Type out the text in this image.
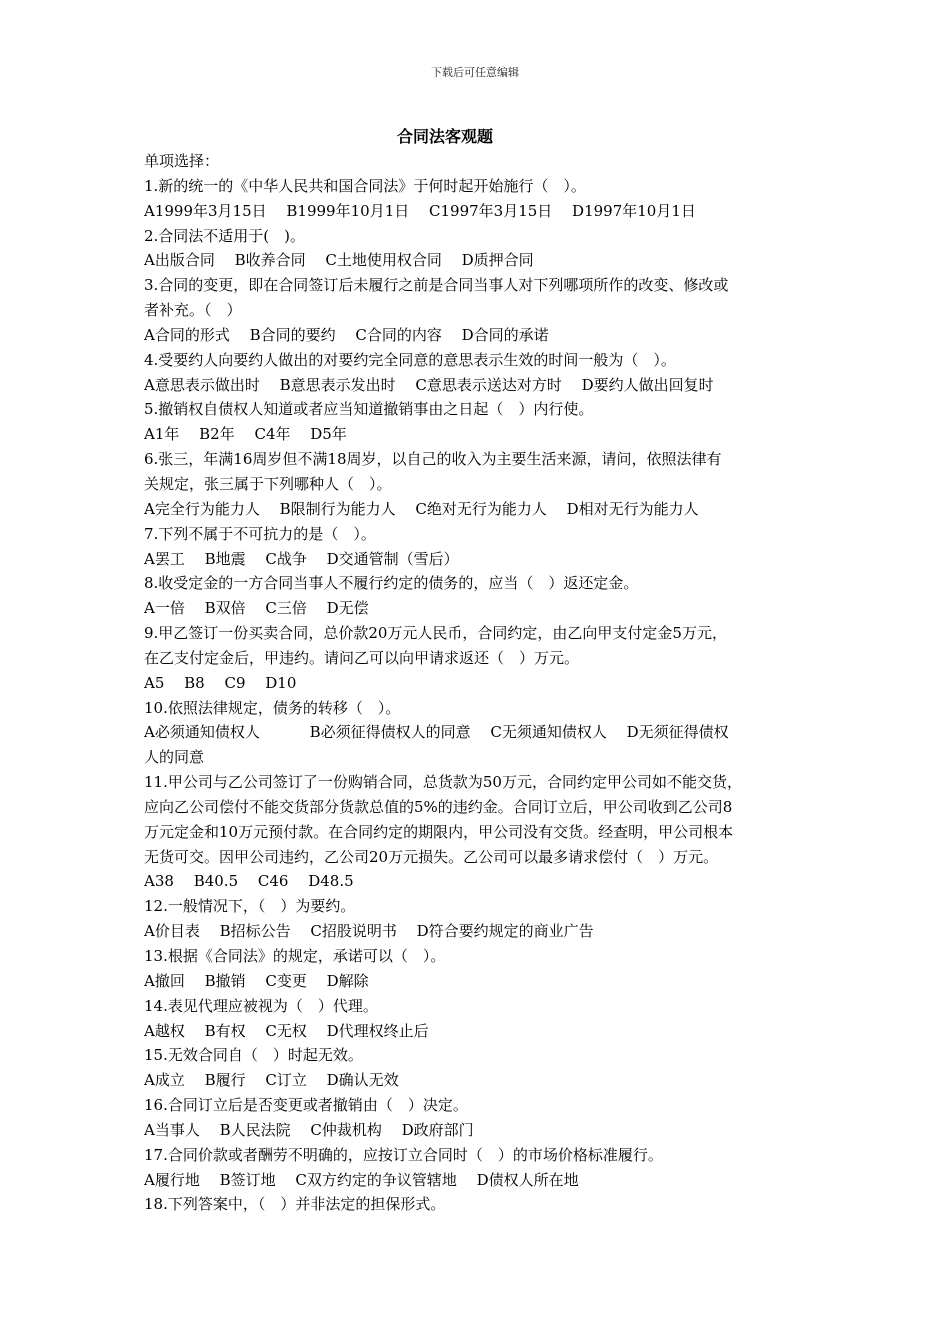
下载后可任意编辑
合同法客观题
单项选择：
1.新的统一的《中华人民共和国合同法》于何时起开始施行（　）。
A1999年3月15日　 B1999年10月1日　 C1997年3月15日　 D1997年10月1日
2.合同法不适用于(　)。
A出版合同　 B收养合同　 C土地使用权合同　 D质押合同
3.合同的变更，即在合同签订后未履行之前是合同当事人对下列哪项所作的改变、修改或
者补充。（　）
A合同的形式　 B合同的要约　 C合同的内容　 D合同的承诺
4.受要约人向要约人做出的对要约完全同意的意思表示生效的时间一般为（　）。
A意思表示做出时　 B意思表示发出时　 C意思表示送达对方时　 D要约人做出回复时
5.撤销权自债权人知道或者应当知道撤销事由之日起（　）内行使。
A1年　 B2年　 C4年　 D5年
6.张三，年满16周岁但不满18周岁，以自己的收入为主要生活来源，请问，依照法律有
关规定，张三属于下列哪种人（　）。
A完全行为能力人　 B限制行为能力人　 C绝对无行为能力人　 D相对无行为能力人
7.下列不属于不可抗力的是（　）。
A罢工　 B地震　 C战争　 D交通管制（雪后）
8.收受定金的一方合同当事人不履行约定的债务的，应当（　）返还定金。
A一倍　 B双倍　 C三倍　 D无偿
9.甲乙签订一份买卖合同，总价款20万元人民币，合同约定，由乙向甲支付定金5万元，
在乙支付定金后，甲违约。请问乙可以向甲请求返还（　）万元。
A5　 B8　 C9　 D10
10.依照法律规定，债务的转移（　）。
A必须通知债权人　　　 B必须征得债权人的同意　 C无须通知债权人　 D无须征得债权
人的同意
11.甲公司与乙公司签订了一份购销合同，总货款为50万元，合同约定甲公司如不能交货，
应向乙公司偿付不能交货部分货款总值的5%的违约金。合同订立后，甲公司收到乙公司8
万元定金和10万元预付款。在合同约定的期限内，甲公司没有交货。经查明，甲公司根本
无货可交。因甲公司违约，乙公司20万元损失。乙公司可以最多请求偿付（　）万元。
A38　 B40.5　 C46　 D48.5
12.一般情况下，（　）为要约。
A价目表　 B招标公告　 C招股说明书　 D符合要约规定的商业广告
13.根据《合同法》的规定，承诺可以（　）。
A撤回　 B撤销　 C变更　 D解除
14.表见代理应被视为（　）代理。
A越权　 B有权　 C无权　 D代理权终止后
15.无效合同自（　）时起无效。
A成立　 B履行　 C订立　 D确认无效
16.合同订立后是否变更或者撤销由（　）决定。
A当事人　 B人民法院　 C仲裁机构　 D政府部门
17.合同价款或者酬劳不明确的，应按订立合同时（　）的市场价格标准履行。
A履行地　 B签订地　 C双方约定的争议管辖地　 D债权人所在地
18.下列答案中，（　）并非法定的担保形式。
